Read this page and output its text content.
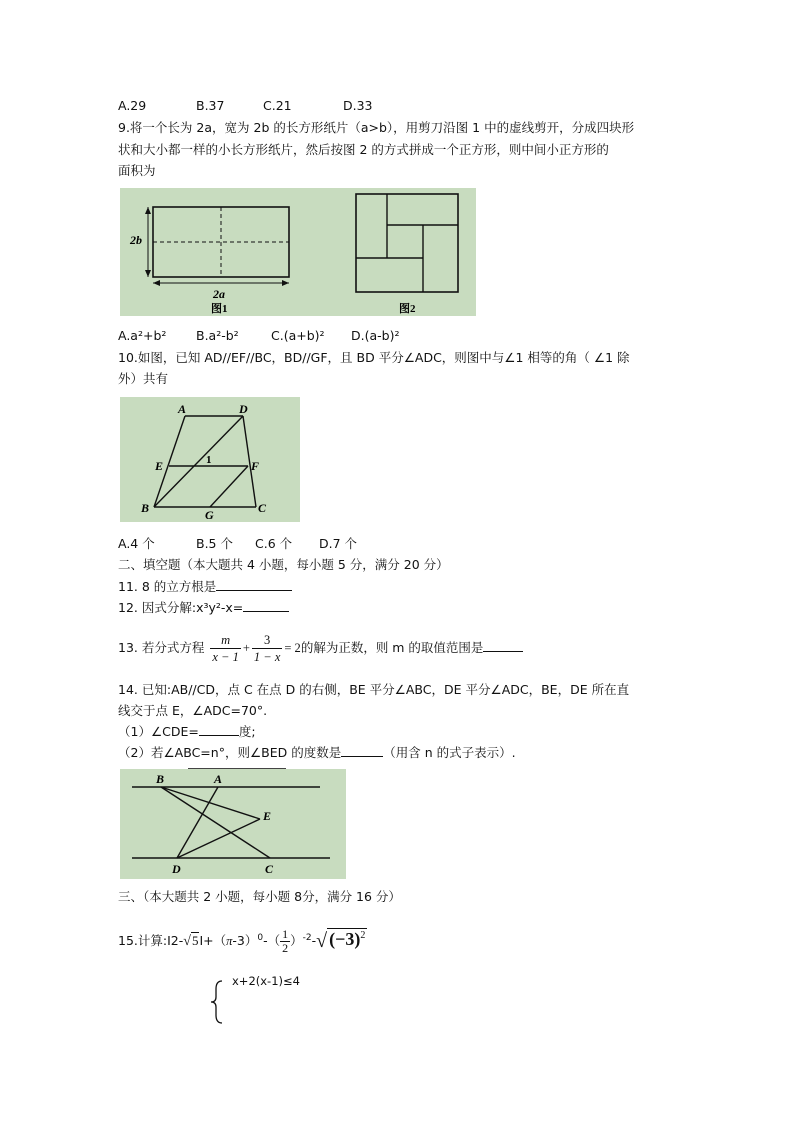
A.29	B.37	C.21	D.33
9.将一个长为 2a，宽为 2b 的长方形纸片（a>b），用剪刀沿图 1 中的虚线剪开，分成四块形
状和大小都一样的小长方形纸片，然后按图 2 的方式拼成一个正方形，则中间小正方形的
面积为
2b
2a
图1	图2
A.a²+b² B.a²-b²	C.(a+b)² D.(a-b)²
10.如图，已知 AD//EF//BC，BD//GF，且 BD 平分∠ADC，则图中与∠1 相等的角（ ∠1 除
外）共有
A	D
E	F
B	G	C
1
A.4 个	B.5 个 C.6 个 D.7 个
二、填空题（本大题共 4 小题，每小题 5 分，满分 20 分）
11. 8 的立方根是
12. 因式分解:x³y²-x=
13. 若分式方程 $\frac{m}{x - 1} + \frac{3}{1 - x} = 2$的解为正数，则 m 的取值范围是
14. 已知:AB//CD，点 C 在点 D 的右侧，BE 平分∠ABC，DE 平分∠ADC，BE，DE 所在直
线交于点 E，∠ADC=70°.
（1）∠CDE=	度;
（2）若∠ABC=n°，则∠BED 的度数是	（用含 n 的式子表示）.
B	A
E
D	C
三、（本大题共 2 小题，每小题 8分，满分 16 分）
15.计算$:I2-√5I+(\pi-3)^0-( \frac{1}{2} )^{-2}-√$ $(-3)^2$
x+2(x-1)≤4
